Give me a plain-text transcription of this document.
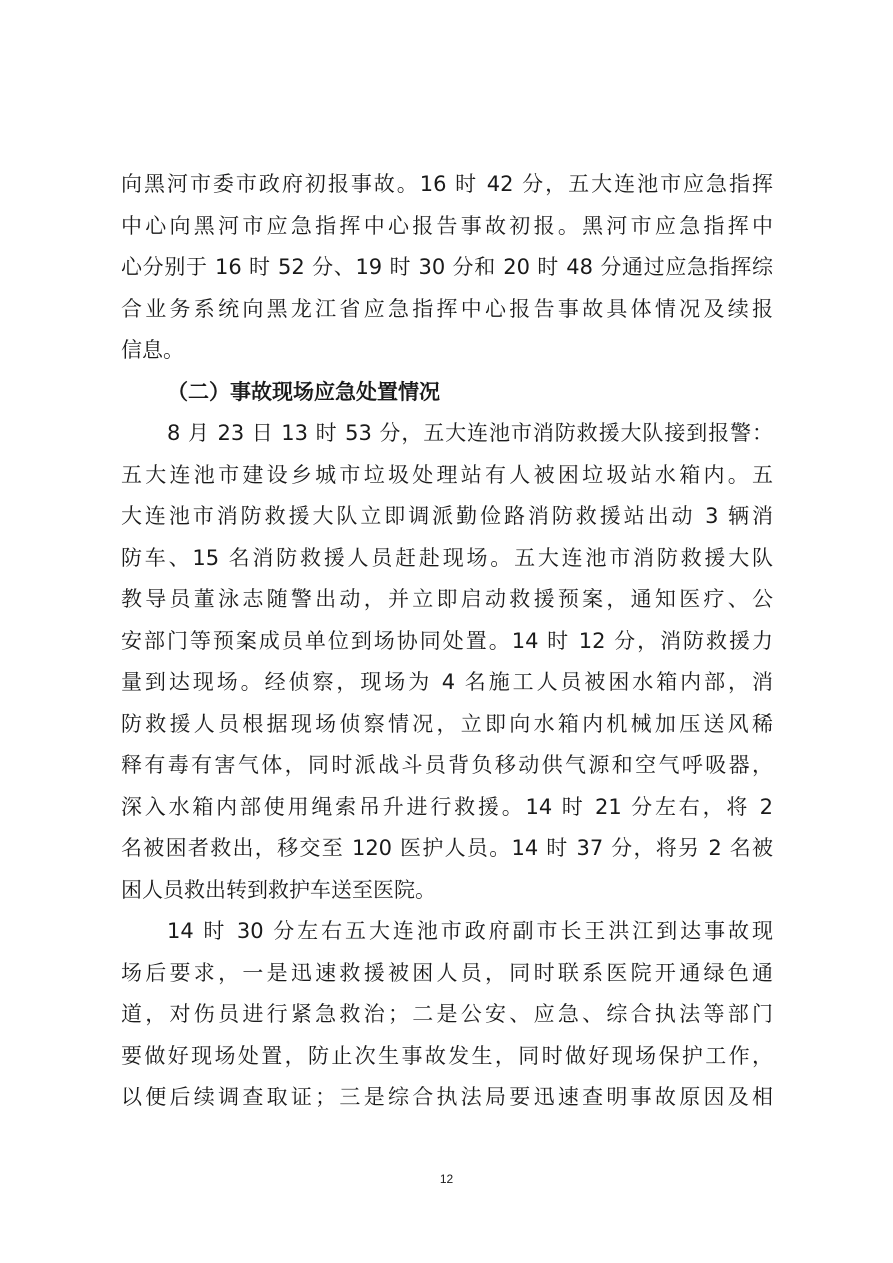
向黑河市委市政府初报事故。16 时 42 分，五大连池市应急指挥
中心向黑河市应急指挥中心报告事故初报。黑河市应急指挥中
心分别于 16 时 52 分、19 时 30 分和 20 时 48 分通过应急指挥综
合业务系统向黑龙江省应急指挥中心报告事故具体情况及续报
信息。
（二）事故现场应急处置情况
8 月 23 日 13 时 53 分，五大连池市消防救援大队接到报警：
五大连池市建设乡城市垃圾处理站有人被困垃圾站水箱内。五
大连池市消防救援大队立即调派勤俭路消防救援站出动 3 辆消
防车、15 名消防救援人员赶赴现场。五大连池市消防救援大队
教导员董泳志随警出动，并立即启动救援预案，通知医疗、公
安部门等预案成员单位到场协同处置。14 时 12 分，消防救援力
量到达现场。经侦察，现场为 4 名施工人员被困水箱内部，消
防救援人员根据现场侦察情况，立即向水箱内机械加压送风稀
释有毒有害气体，同时派战斗员背负移动供气源和空气呼吸器，
深入水箱内部使用绳索吊升进行救援。14 时 21 分左右，将 2
名被困者救出，移交至 120 医护人员。14 时 37 分，将另 2 名被
困人员救出转到救护车送至医院。
14 时 30 分左右五大连池市政府副市长王洪江到达事故现
场后要求，一是迅速救援被困人员，同时联系医院开通绿色通
道，对伤员进行紧急救治；二是公安、应急、综合执法等部门
要做好现场处置，防止次生事故发生，同时做好现场保护工作，
以便后续调查取证；三是综合执法局要迅速查明事故原因及相
12
